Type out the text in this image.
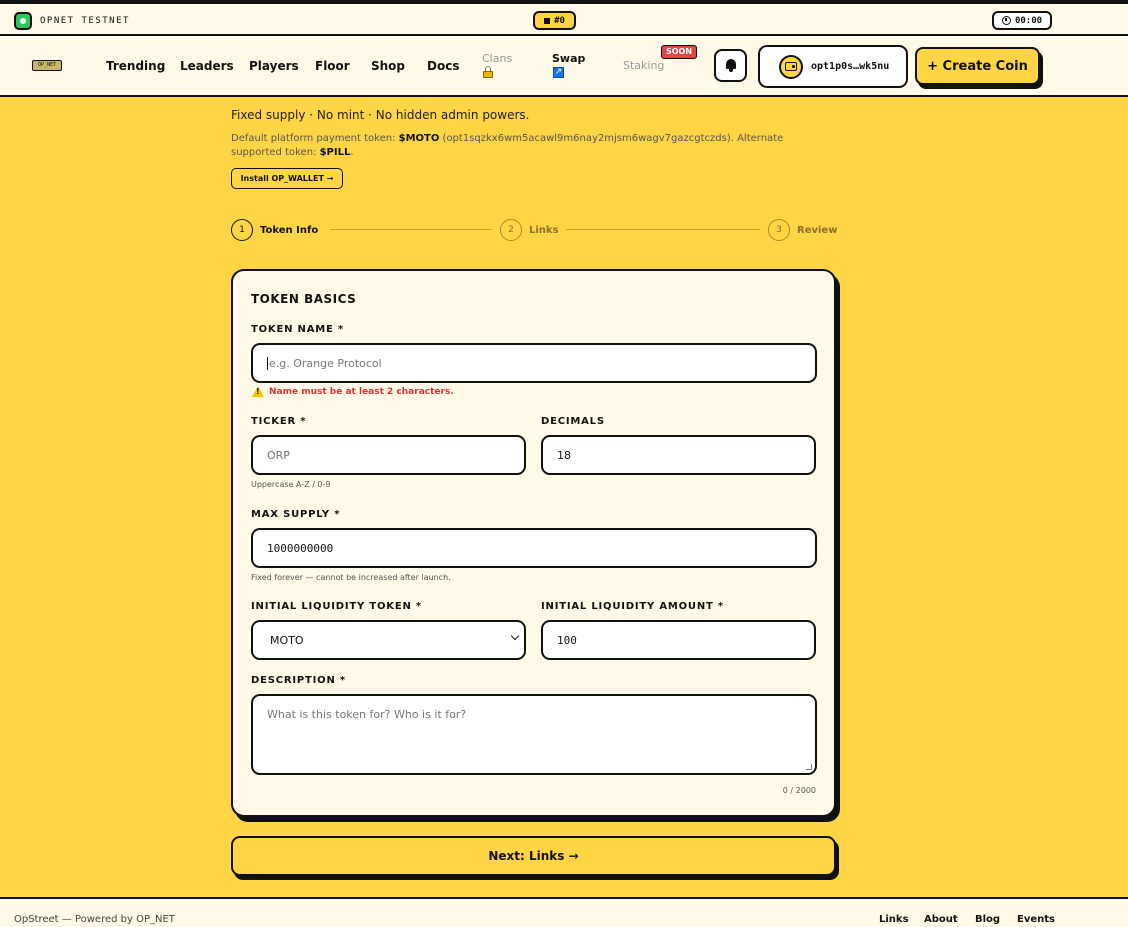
OPNET TESTNET	#0	00:00
OP_NET	Trending Leaders Players Floor Shop Docs
Clans	Swap
↗	Staking
SOON
opt1p0s…wk5nu	+ Create Coin
Fixed supply · No mint · No hidden admin powers.
Default platform payment token: $MOTO (opt1sqzkx6wm5acawl9m6nay2mjsm6wagv7gazcgtczds). Alternate supported token: $PILL.
Install OP_WALLET →
1	Token Info	2	Links	3	Review
TOKEN BASICS
TOKEN NAME *
e.g. Orange Protocol
!
Name must be at least 2 characters.
TICKER *
ORP
Uppercase A-Z / 0-9
DECIMALS
18
MAX SUPPLY *
1000000000
Fixed forever — cannot be increased after launch.
INITIAL LIQUIDITY TOKEN *
MOTO
INITIAL LIQUIDITY AMOUNT *
100
DESCRIPTION *
What is this token for? Who is it for?
0 / 2000
Next: Links →
OpStreet — Powered by OP_NET	Links About Blog Events
